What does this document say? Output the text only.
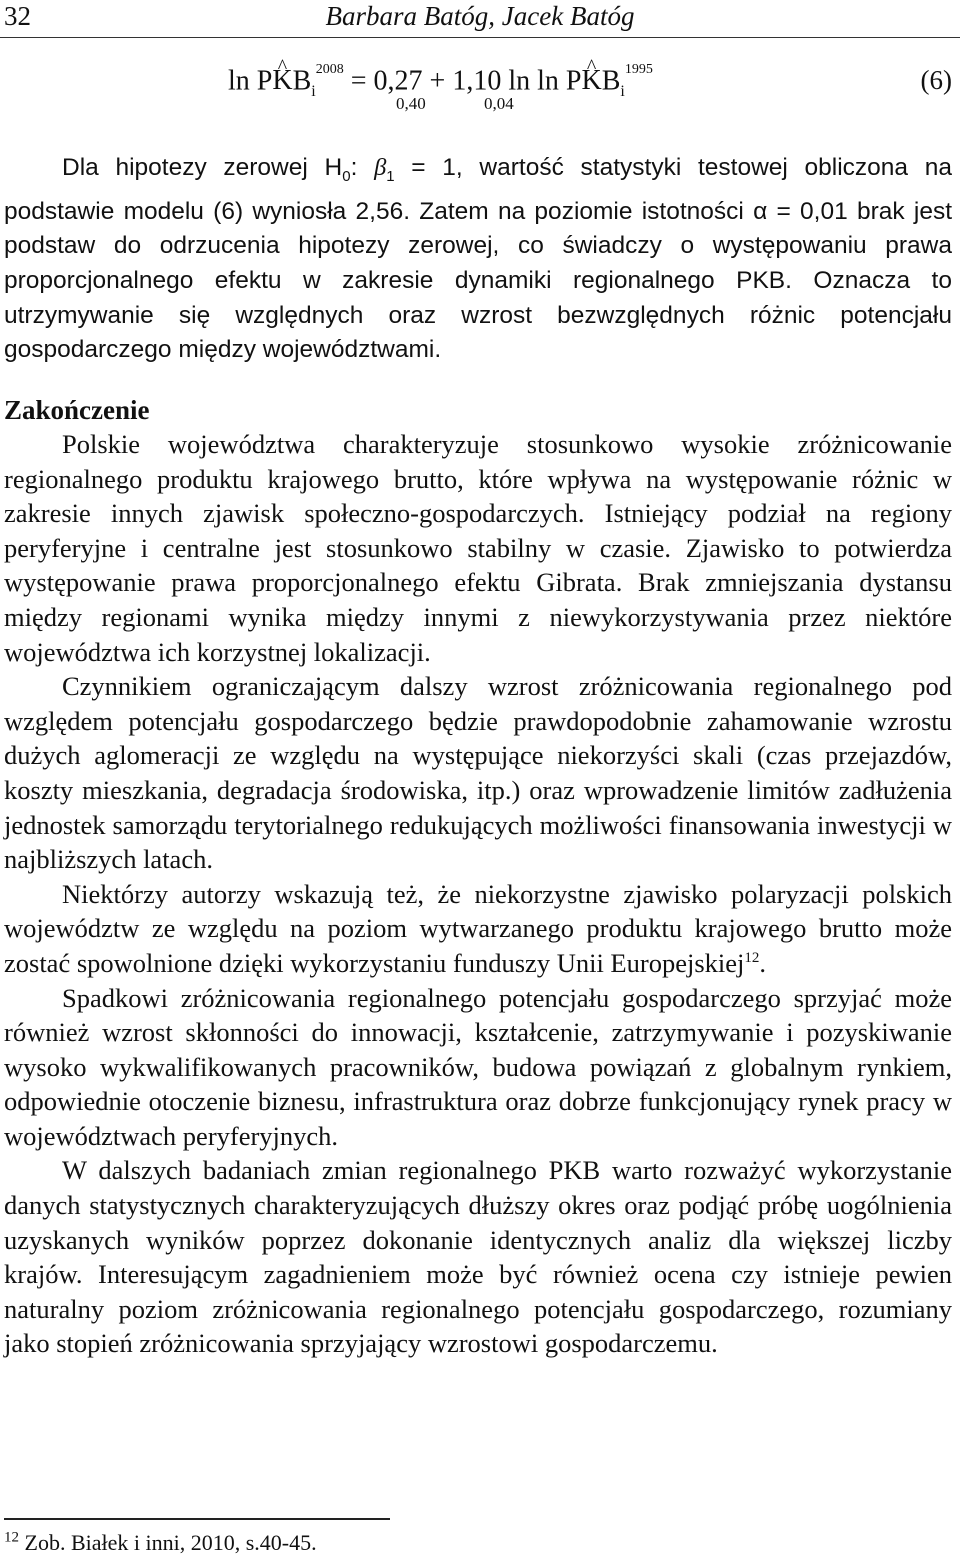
32	Barbara Batóg, Jacek Batóg
ln P^ $KB_i^{2008} = 0,27 + 1,10$ ln ln P^ $KB_i^{1995}$
0,40	0,04
(6)

Dla hipotezy zerowej $H_0$: $\beta_1 = 1$, wartość statystyki testowej obliczona na podstawie modelu (6) wyniosła 2,56. Zatem na poziomie istotności α = 0,01 brak jest podstaw do odrzucenia hipotezy zerowej, co świadczy o występowaniu prawa proporcjonalnego efektu w zakresie dynamiki regionalnego PKB. Oznacza to utrzymywanie się względnych oraz wzrost bezwzględnych różnic potencjału gospodarczego między województwami.

Zakończenie

Polskie województwa charakteryzuje stosunkowo wysokie zróżnicowanie regionalnego produktu krajowego brutto, które wpływa na występowanie różnic w zakresie innych zjawisk społeczno-gospodarczych. Istniejący podział na regiony peryferyjne i centralne jest stosunkowo stabilny w czasie. Zjawisko to potwierdza występowanie prawa proporcjonalnego efektu Gibrata. Brak zmniejszania dystansu między regionami wynika między innymi z niewykorzystywania przez niektóre województwa ich korzystnej lokalizacji.

Czynnikiem ograniczającym dalszy wzrost zróżnicowania regionalnego pod względem potencjału gospodarczego będzie prawdopodobnie zahamowanie wzrostu dużych aglomeracji ze względu na występujące niekorzyści skali (czas przejazdów, koszty mieszkania, degradacja środowiska, itp.) oraz wprowadzenie limitów zadłużenia jednostek samorządu terytorialnego redukujących możliwości finansowania inwestycji w najbliższych latach.

Niektórzy autorzy wskazują też, że niekorzystne zjawisko polaryzacji polskich województw ze względu na poziom wytwarzanego produktu krajowego brutto może zostać spowolnione dzięki wykorzystaniu funduszy Unii Europejskiej$^{12}$.

Spadkowi zróżnicowania regionalnego potencjału gospodarczego sprzyjać może również wzrost skłonności do innowacji, kształcenie, zatrzymywanie i pozyskiwanie wysoko wykwalifikowanych pracowników, budowa powiązań z globalnym rynkiem, odpowiednie otoczenie biznesu, infrastruktura oraz dobrze funkcjonujący rynek pracy w województwach peryferyjnych.

W dalszych badaniach zmian regionalnego PKB warto rozważyć wykorzystanie danych statystycznych charakteryzujących dłuższy okres oraz podjąć próbę uogólnienia uzyskanych wyników poprzez dokonanie identycznych analiz dla większej liczby krajów. Interesującym zagadnieniem może być również ocena czy istnieje pewien naturalny poziom zróżnicowania regionalnego potencjału gospodarczego, rozumiany jako stopień zróżnicowania sprzyjający wzrostowi gospodarczemu.

$^{12}$ Zob. Białek i inni, 2010, s.40-45.
